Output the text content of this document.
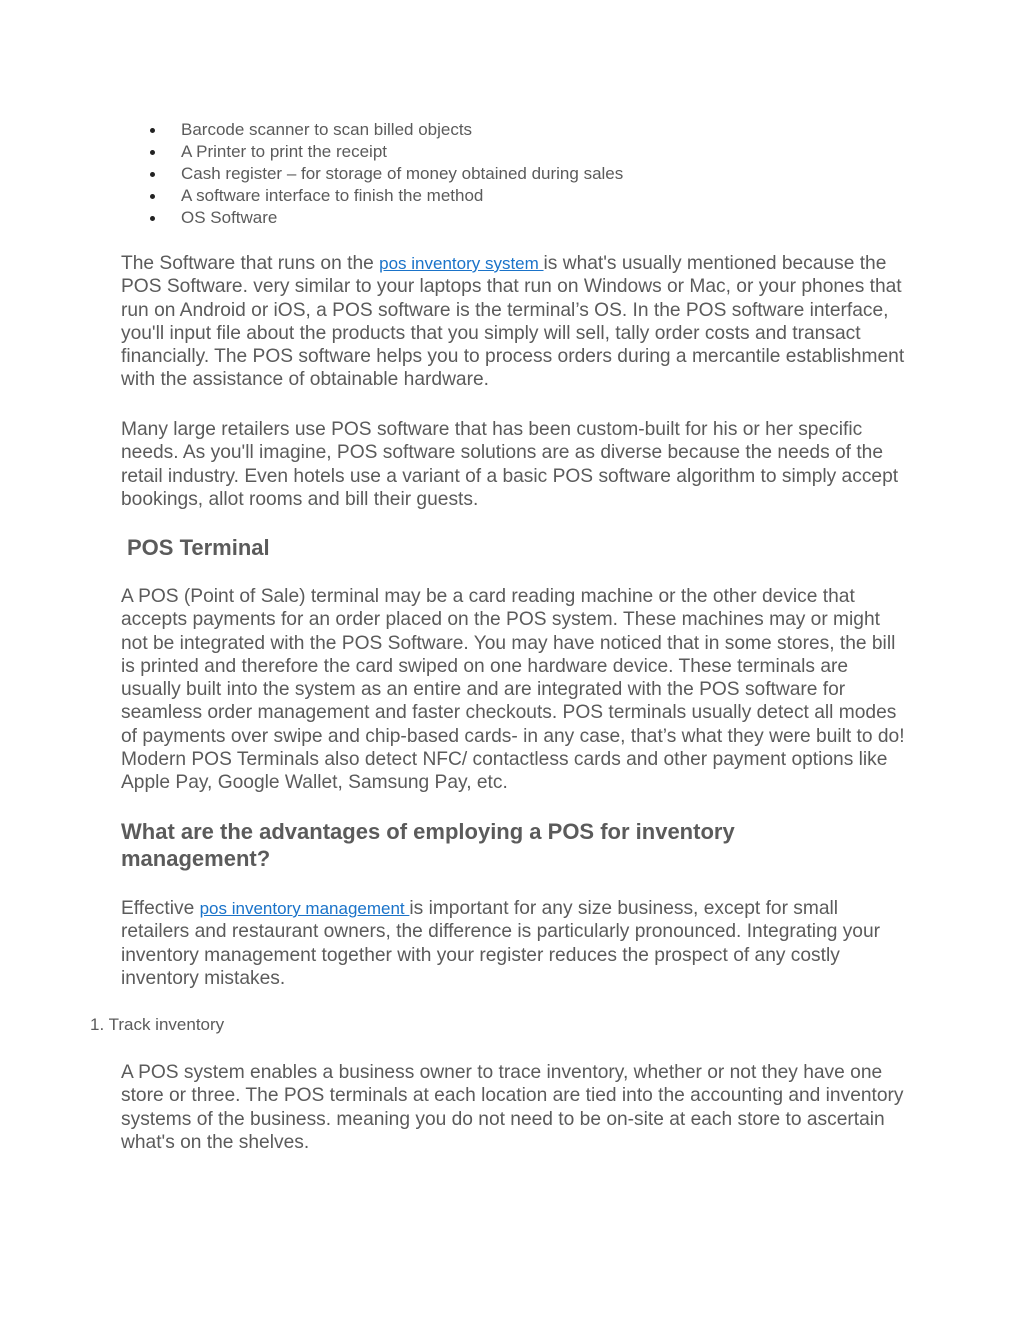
Barcode scanner to scan billed objects
A Printer to print the receipt
Cash register – for storage of money obtained during sales
A software interface to finish the method
OS Software

The Software that runs on the pos inventory system is what's usually mentioned because the POS Software. very similar to your laptops that run on Windows or Mac, or your phones that run on Android or iOS, a POS software is the terminal’s OS. In the POS software interface, you'll input file about the products that you simply will sell, tally order costs and transact financially. The POS software helps you to process orders during a mercantile establishment with the assistance of obtainable hardware.

Many large retailers use POS software that has been custom-built for his or her specific needs. As you'll imagine, POS software solutions are as diverse because the needs of the retail industry. Even hotels use a variant of a basic POS software algorithm to simply accept bookings, allot rooms and bill their guests.

POS Terminal

A POS (Point of Sale) terminal may be a card reading machine or the other device that accepts payments for an order placed on the POS system. These machines may or might not be integrated with the POS Software. You may have noticed that in some stores, the bill is printed and therefore the card swiped on one hardware device. These terminals are usually built into the system as an entire and are integrated with the POS software for seamless order management and faster checkouts. POS terminals usually detect all modes of payments over swipe and chip-based cards- in any case, that’s what they were built to do! Modern POS Terminals also detect NFC/ contactless cards and other payment options like Apple Pay, Google Wallet, Samsung Pay, etc.

What are the advantages of employing a POS for inventory management?

Effective pos inventory management is important for any size business, except for small retailers and restaurant owners, the difference is particularly pronounced. Integrating your inventory management together with your register reduces the prospect of any costly inventory mistakes.

1. Track inventory

A POS system enables a business owner to trace inventory, whether or not they have one store or three. The POS terminals at each location are tied into the accounting and inventory systems of the business. meaning you do not need to be on-site at each store to ascertain what's on the shelves.
